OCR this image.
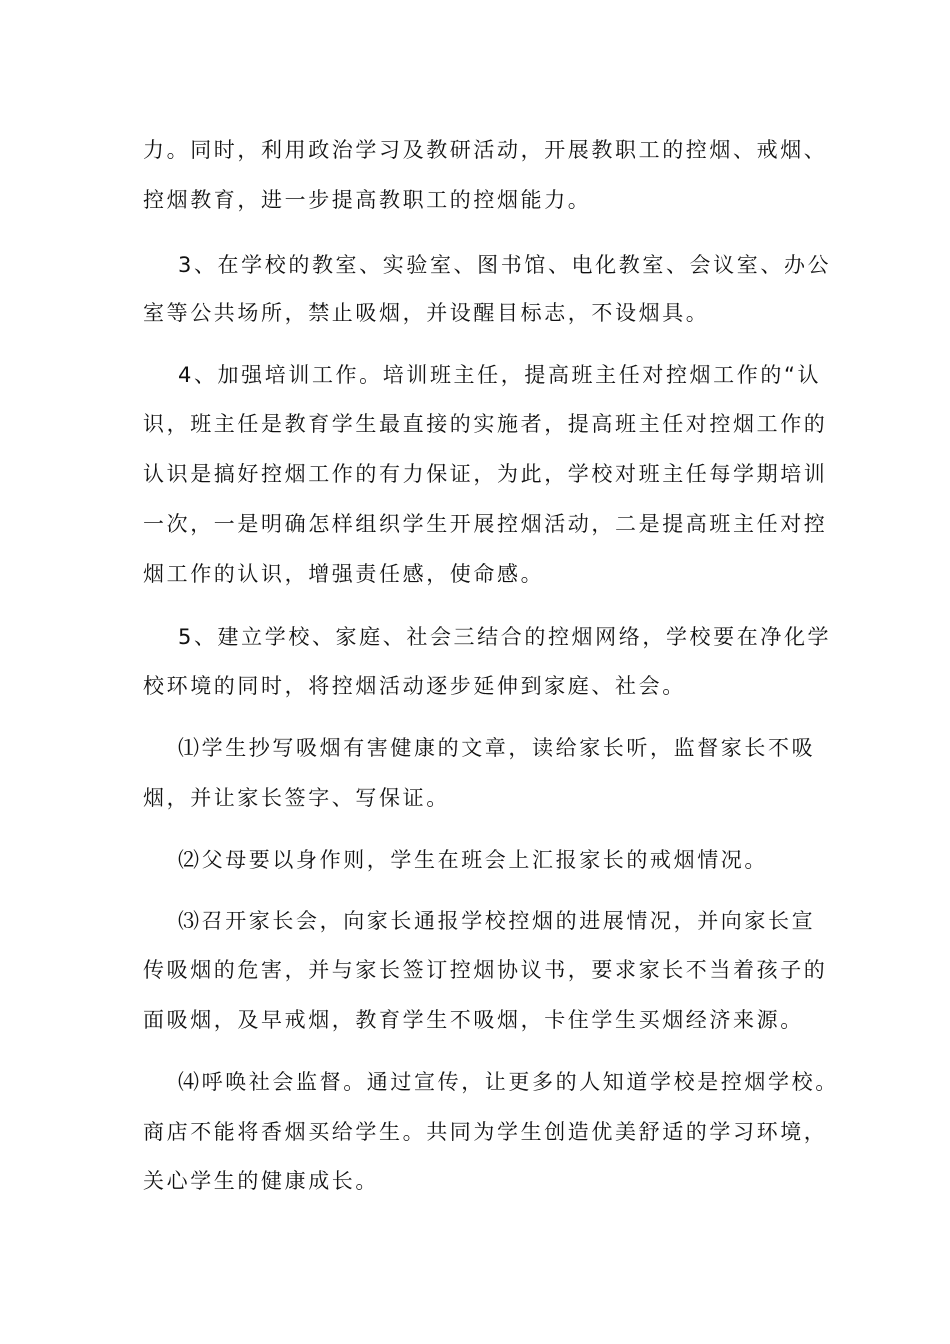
力。同时，利用政治学习及教研活动，开展教职工的控烟、戒烟、
控烟教育，进一步提高教职工的控烟能力。
3、在学校的教室、实验室、图书馆、电化教室、会议室、办公
室等公共场所，禁止吸烟，并设醒目标志，不设烟具。
4、加强培训工作。培训班主任，提高班主任对控烟工作的“认
识，班主任是教育学生最直接的实施者，提高班主任对控烟工作的
认识是搞好控烟工作的有力保证，为此，学校对班主任每学期培训
一次，一是明确怎样组织学生开展控烟活动，二是提高班主任对控
烟工作的认识，增强责任感，使命感。
5、建立学校、家庭、社会三结合的控烟网络，学校要在净化学
校环境的同时，将控烟活动逐步延伸到家庭、社会。
⑴学生抄写吸烟有害健康的文章，读给家长听，监督家长不吸
烟，并让家长签字、写保证。
⑵父母要以身作则，学生在班会上汇报家长的戒烟情况。
⑶召开家长会，向家长通报学校控烟的进展情况，并向家长宣
传吸烟的危害，并与家长签订控烟协议书，要求家长不当着孩子的
面吸烟，及早戒烟，教育学生不吸烟，卡住学生买烟经济来源。
⑷呼唤社会监督。通过宣传，让更多的人知道学校是控烟学校。
商店不能将香烟买给学生。共同为学生创造优美舒适的学习环境，
关心学生的健康成长。
